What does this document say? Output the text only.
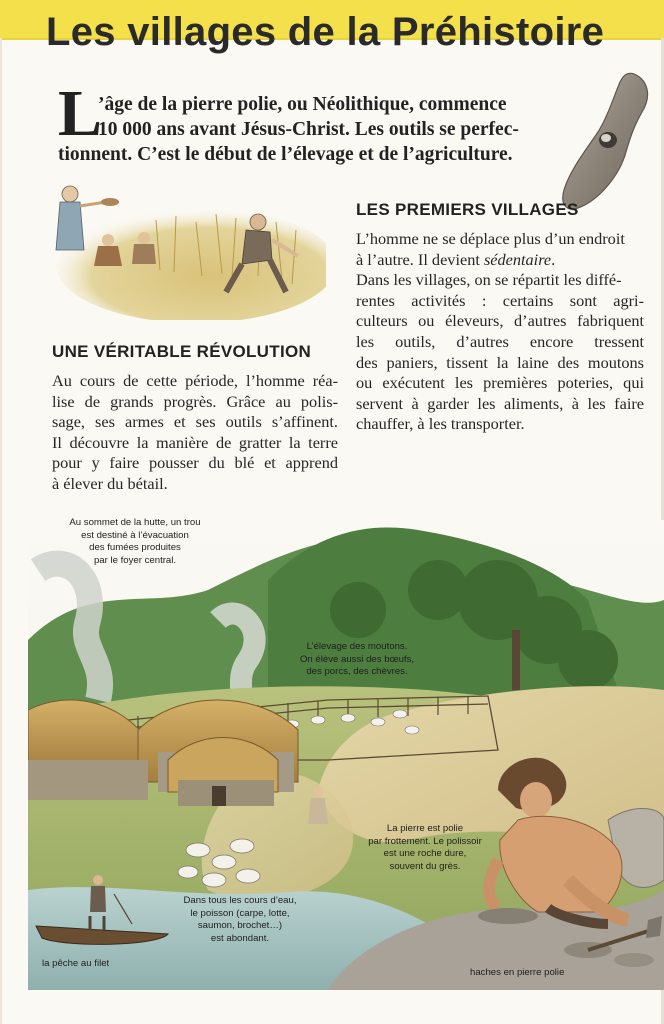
Les villages de la Préhistoire
L
’âge de la pierre polie, ou Néolithique, commence
10 000 ans avant Jésus-Christ. Les outils se perfec-
tionnent. C’est le début de l’élevage et de l’agriculture.
LES PREMIERS VILLAGES
L’homme ne se déplace plus d’un endroit
à l’autre. Il devient sédentaire.
Dans les villages, on se répartit les diffé-
rentes activités : certains sont agri-
culteurs ou éleveurs, d’autres fabriquent
les outils, d’autres encore tressent
des paniers, tissent la laine des moutons
ou exécutent les premières poteries, qui
servent à garder les aliments, à les faire
chauffer, à les transporter.
UNE VÉRITABLE RÉVOLUTION
Au cours de cette période, l’homme réa-
lise de grands progrès. Grâce au polis-
sage, ses armes et ses outils s’affinent.
Il découvre la manière de gratter la terre
pour y faire pousser du blé et apprend
à élever du bétail.
Au sommet de la hutte, un trou
est destiné à l’évacuation
des fumées produites
par le foyer central.
L’élevage des moutons.
On élève aussi des bœufs,
des porcs, des chèvres.
La pierre est polie
par frottement. Le polissoir
est une roche dure,
souvent du grès.
Dans tous les cours d’eau,
le poisson (carpe, lotte,
saumon, brochet…)
est abondant.
la pêche au filet
haches en pierre polie
